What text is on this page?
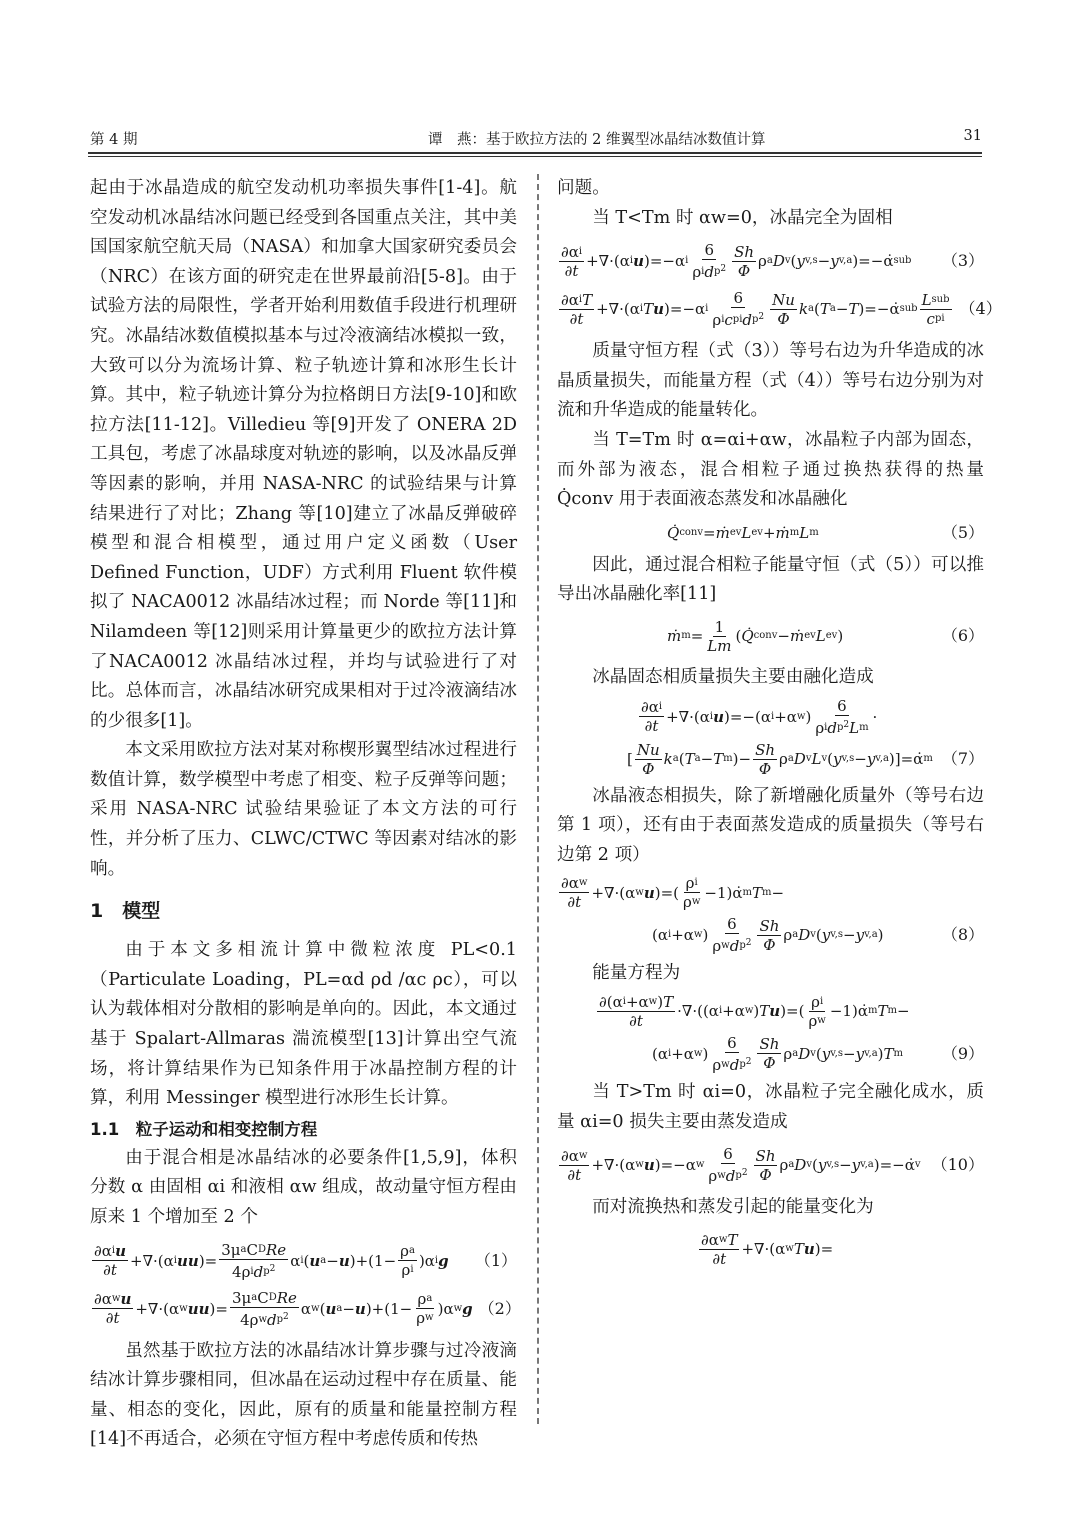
第 4 期	谭　燕：基于欧拉方法的 2 维翼型冰晶结冰数值计算	31

起由于冰晶造成的航空发动机功率损失事件[1-4]。航空发动机冰晶结冰问题已经受到各国重点关注，其中美国国家航空航天局（NASA）和加拿大国家研究委员会（NRC）在该方面的研究走在世界最前沿[5-8]。由于试验方法的局限性，学者开始利用数值手段进行机理研究。冰晶结冰数值模拟基本与过冷液滴结冰模拟一致，大致可以分为流场计算、粒子轨迹计算和冰形生长计算。其中，粒子轨迹计算分为拉格朗日方法[9-10]和欧拉方法[11-12]。Villedieu 等[9]开发了 ONERA 2D 工具包，考虑了冰晶球度对轨迹的影响，以及冰晶反弹等因素的影响，并用 NASA-NRC 的试验结果与计算结果进行了对比；Zhang 等[10]建立了冰晶反弹破碎模型和混合相模型，通过用户定义函数（User Defined Function，UDF）方式利用 Fluent 软件模拟了 NACA0012 冰晶结冰过程；而 Norde 等[11]和 Nilamdeen 等[12]则采用计算量更少的欧拉方法计算了NACA0012 冰晶结冰过程，并均与试验进行了对比。总体而言，冰晶结冰研究成果相对于过冷液滴结冰的少很多[1]。

本文采用欧拉方法对某对称楔形翼型结冰过程进行数值计算，数学模型中考虑了相变、粒子反弹等问题；采用 NASA-NRC 试验结果验证了本文方法的可行性，并分析了压力、CLWC/CTWC 等因素对结冰的影响。

1　模型

由于本文多相流计算中微粒浓度 PL<0.1（Particulate Loading，PL=αd ρd /αc ρc），可以认为载体相对分散相的影响是单向的。因此，本文通过基于 Spalart-Allmaras 湍流模型[13]计算出空气流场，将计算结果作为已知条件用于冰晶控制方程的计算，利用 Messinger 模型进行冰形生长计算。

1.1　粒子运动和相变控制方程

由于混合相是冰晶结冰的必要条件[1,5,9]，体积分数 α 由固相 αi 和液相 αw 组成，故动量守恒方程由原来 1 个增加至 2 个

$\frac{\text{∂αiu}}{\partial t} +\nabla\cdot(\alpha$ i uu )= $\frac{\text{3μaCDRe}}{4\rho idp^2}$ α i ( u a − u )$+(1- \frac{\rho a}{\rho i} )\alpha$ i g	（1）
$\frac{\text{∂αwu}}{\partial t} +\nabla\cdot(\alpha$ w uu )= $\frac{\text{3μaCDRe}}{4\rho wdp^2}$ α w ( u a − u )$+(1- \frac{\rho a}{\rho w} )\alpha$ w g （2）

虽然基于欧拉方法的冰晶结冰计算步骤与过冷液滴结冰计算步骤相同，但冰晶在运动过程中存在质量、能量、相态的变化，因此，原有的质量和能量控制方程[14]不再适合，必须在守恒方程中考虑传质和传热

问题。

当 T<Tm 时 αw=0，冰晶完全为固相

$\frac{\partial\alpha i}{\partial t} +\nabla\cdot(\alpha$ i u )=−α i $\frac{6}{\rho idp^2} \frac{Sh}{\Phi}$ ρ a D v ( y v,s − y v,a )=−α̇ sub	（3）
$\frac{\text{∂αiT}}{\partial t} +\nabla\cdot(\alpha$ i T u )=−α i $\frac{6}{\rho icpidp^2} \frac{Nu}{\Phi}$ k a ( T a − T )=−α̇ sub $\frac{\text{Lsub}}{\text{cpi}} (4)$

质量守恒方程（式（3））等号右边为升华造成的冰晶质量损失，而能量方程（式（4））等号右边分别为对流和升华造成的能量转化。

当 T=Tm 时 α=αi+αw，冰晶粒子内部为固态，而外部为液态，混合相粒子通过换热获得的热量 Q̇conv 用于表面液态蒸发和冰晶融化

Q̇ conv = ṁ ev L ev + ṁ m L m	（5）

因此，通过混合相粒子能量守恒（式（5））可以推导出冰晶融化率[11]

ṁ $m = \frac{1}{Lm}$ ( Q̇ conv − ṁ ev L ev )	（6）

冰晶固态相质量损失主要由融化造成

$\frac{\partial\alpha i}{\partial t} +\nabla\cdot(\alpha$ i u )=−(α i +α w ) $\frac{6}{\rho idp^2Lm}$ ·
[ $\frac{Nu}{\Phi}$ k a ( T a − T m )− $\frac{Sh}{\Phi}$ ρ a D v L v ( y v,s − y v,a )]=α̇ m （7）

冰晶液态相损失，除了新增融化质量外（等号右边第 1 项），还有由于表面蒸发造成的质量损失（等号右边第 2 项）

$\frac{\partial\alpha w}{\partial t} +\nabla\cdot(\alpha$ w u )=( $\frac{\rho i}{\rho w}$ −1)α̇ m T m −
(α i +α w ) $\frac{6}{\rho wdp^2} \frac{Sh}{\Phi}$ ρ a D v ( y v,s − y v,a )	（8）

能量方程为

$\frac{\partial(\alpha i+\alpha w)T}{\partial t} \cdot\nabla\cdot((\alpha$ i +α w ) T u )=( $\frac{\rho i}{\rho w}$ −1)α̇ m T m −
(α i +α w ) $\frac{6}{\rho wdp^2} \frac{Sh}{\Phi}$ ρ a D v ( y v,s − y v,a ) T m	（9）

当 T>Tm 时 αi=0，冰晶粒子完全融化成水，质量 αi=0 损失主要由蒸发造成

$\frac{\partial\alpha w}{\partial t} +\nabla\cdot(\alpha$ w u )=−α w $\frac{6}{\rho wdp^2} \frac{Sh}{\Phi}$ ρ a D v ( y v,s − y v,a )=−α̇ v （10）

而对流换热和蒸发引起的能量变化为

$\frac{\text{∂αwT}}{\partial t} +\nabla\cdot(\alpha$ w T u )=
